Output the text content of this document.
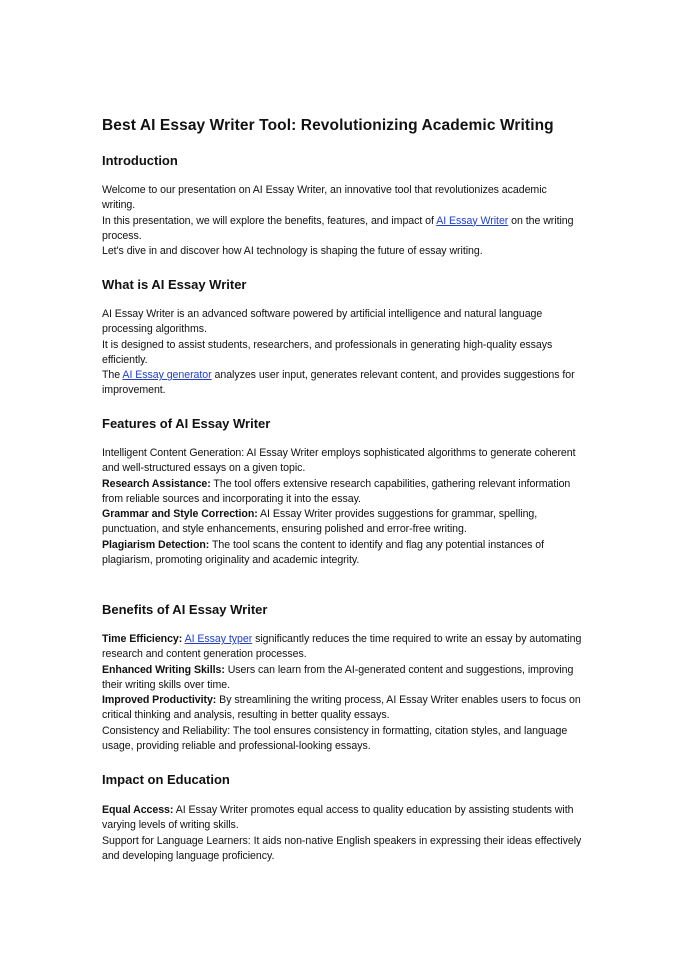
Best AI Essay Writer Tool: Revolutionizing Academic Writing
Introduction

Welcome to our presentation on AI Essay Writer, an innovative tool that revolutionizes academic writing.

In this presentation, we will explore the benefits, features, and impact of AI Essay Writer on the writing process.

Let's dive in and discover how AI technology is shaping the future of essay writing.

What is AI Essay Writer

AI Essay Writer is an advanced software powered by artificial intelligence and natural language processing algorithms.

It is designed to assist students, researchers, and professionals in generating high-quality essays efficiently.

The AI Essay generator analyzes user input, generates relevant content, and provides suggestions for improvement.

Features of AI Essay Writer

Intelligent Content Generation: AI Essay Writer employs sophisticated algorithms to generate coherent and well-structured essays on a given topic.

Research Assistance: The tool offers extensive research capabilities, gathering relevant information from reliable sources and incorporating it into the essay.

Grammar and Style Correction: AI Essay Writer provides suggestions for grammar, spelling, punctuation, and style enhancements, ensuring polished and error-free writing.

Plagiarism Detection: The tool scans the content to identify and flag any potential instances of plagiarism, promoting originality and academic integrity.

Benefits of AI Essay Writer

Time Efficiency: AI Essay typer significantly reduces the time required to write an essay by automating research and content generation processes.

Enhanced Writing Skills: Users can learn from the AI-generated content and suggestions, improving their writing skills over time.

Improved Productivity: By streamlining the writing process, AI Essay Writer enables users to focus on critical thinking and analysis, resulting in better quality essays.

Consistency and Reliability: The tool ensures consistency in formatting, citation styles, and language usage, providing reliable and professional-looking essays.

Impact on Education

Equal Access: AI Essay Writer promotes equal access to quality education by assisting students with varying levels of writing skills.

Support for Language Learners: It aids non-native English speakers in expressing their ideas effectively and developing language proficiency.
